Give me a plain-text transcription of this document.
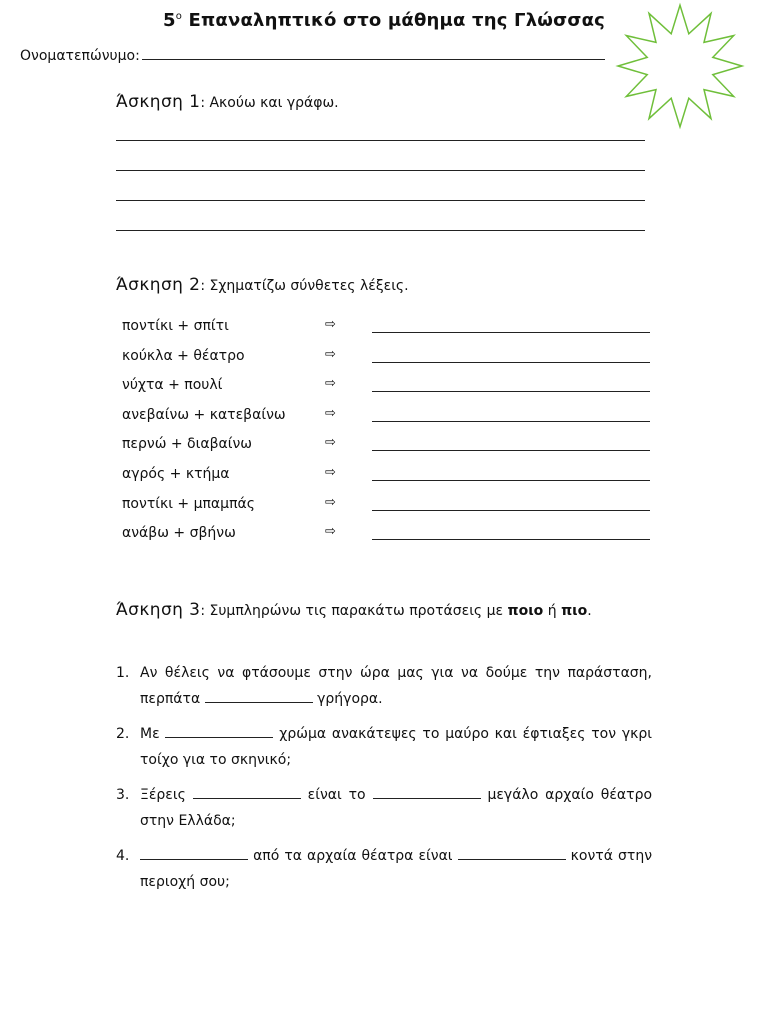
$5^o$ Επαναληπτικό στο μάθημα της Γλώσσας
Ονοματεπώνυμο:
Άσκηση 1: Ακούω και γράφω.
Άσκηση 2: Σχηματίζω σύνθετες λέξεις.
ποντίκι + σπίτι	⇨
κούκλα + θέατρο	⇨
νύχτα + πουλί	⇨
ανεβαίνω + κατεβαίνω	⇨
περνώ + διαβαίνω	⇨
αγρός + κτήμα	⇨
ποντίκι + μπαμπάς	⇨
ανάβω + σβήνω	⇨
Άσκηση 3: Συμπληρώνω τις παρακάτω προτάσεις με ποιο ή πιο.
1. Αν θέλεις να φτάσουμε στην ώρα μας για να δούμε την παράσταση, περπάτα	γρήγορα.
2. Με	χρώμα ανακάτεψες το μαύρο και έφτιαξες τον γκρι τοίχο για το σκηνικό;
3. Ξέρεις	είναι το	μεγάλο αρχαίο θέατρο στην Ελλάδα;
4.	από τα αρχαία θέατρα είναι	κοντά στην περιοχή σου;
